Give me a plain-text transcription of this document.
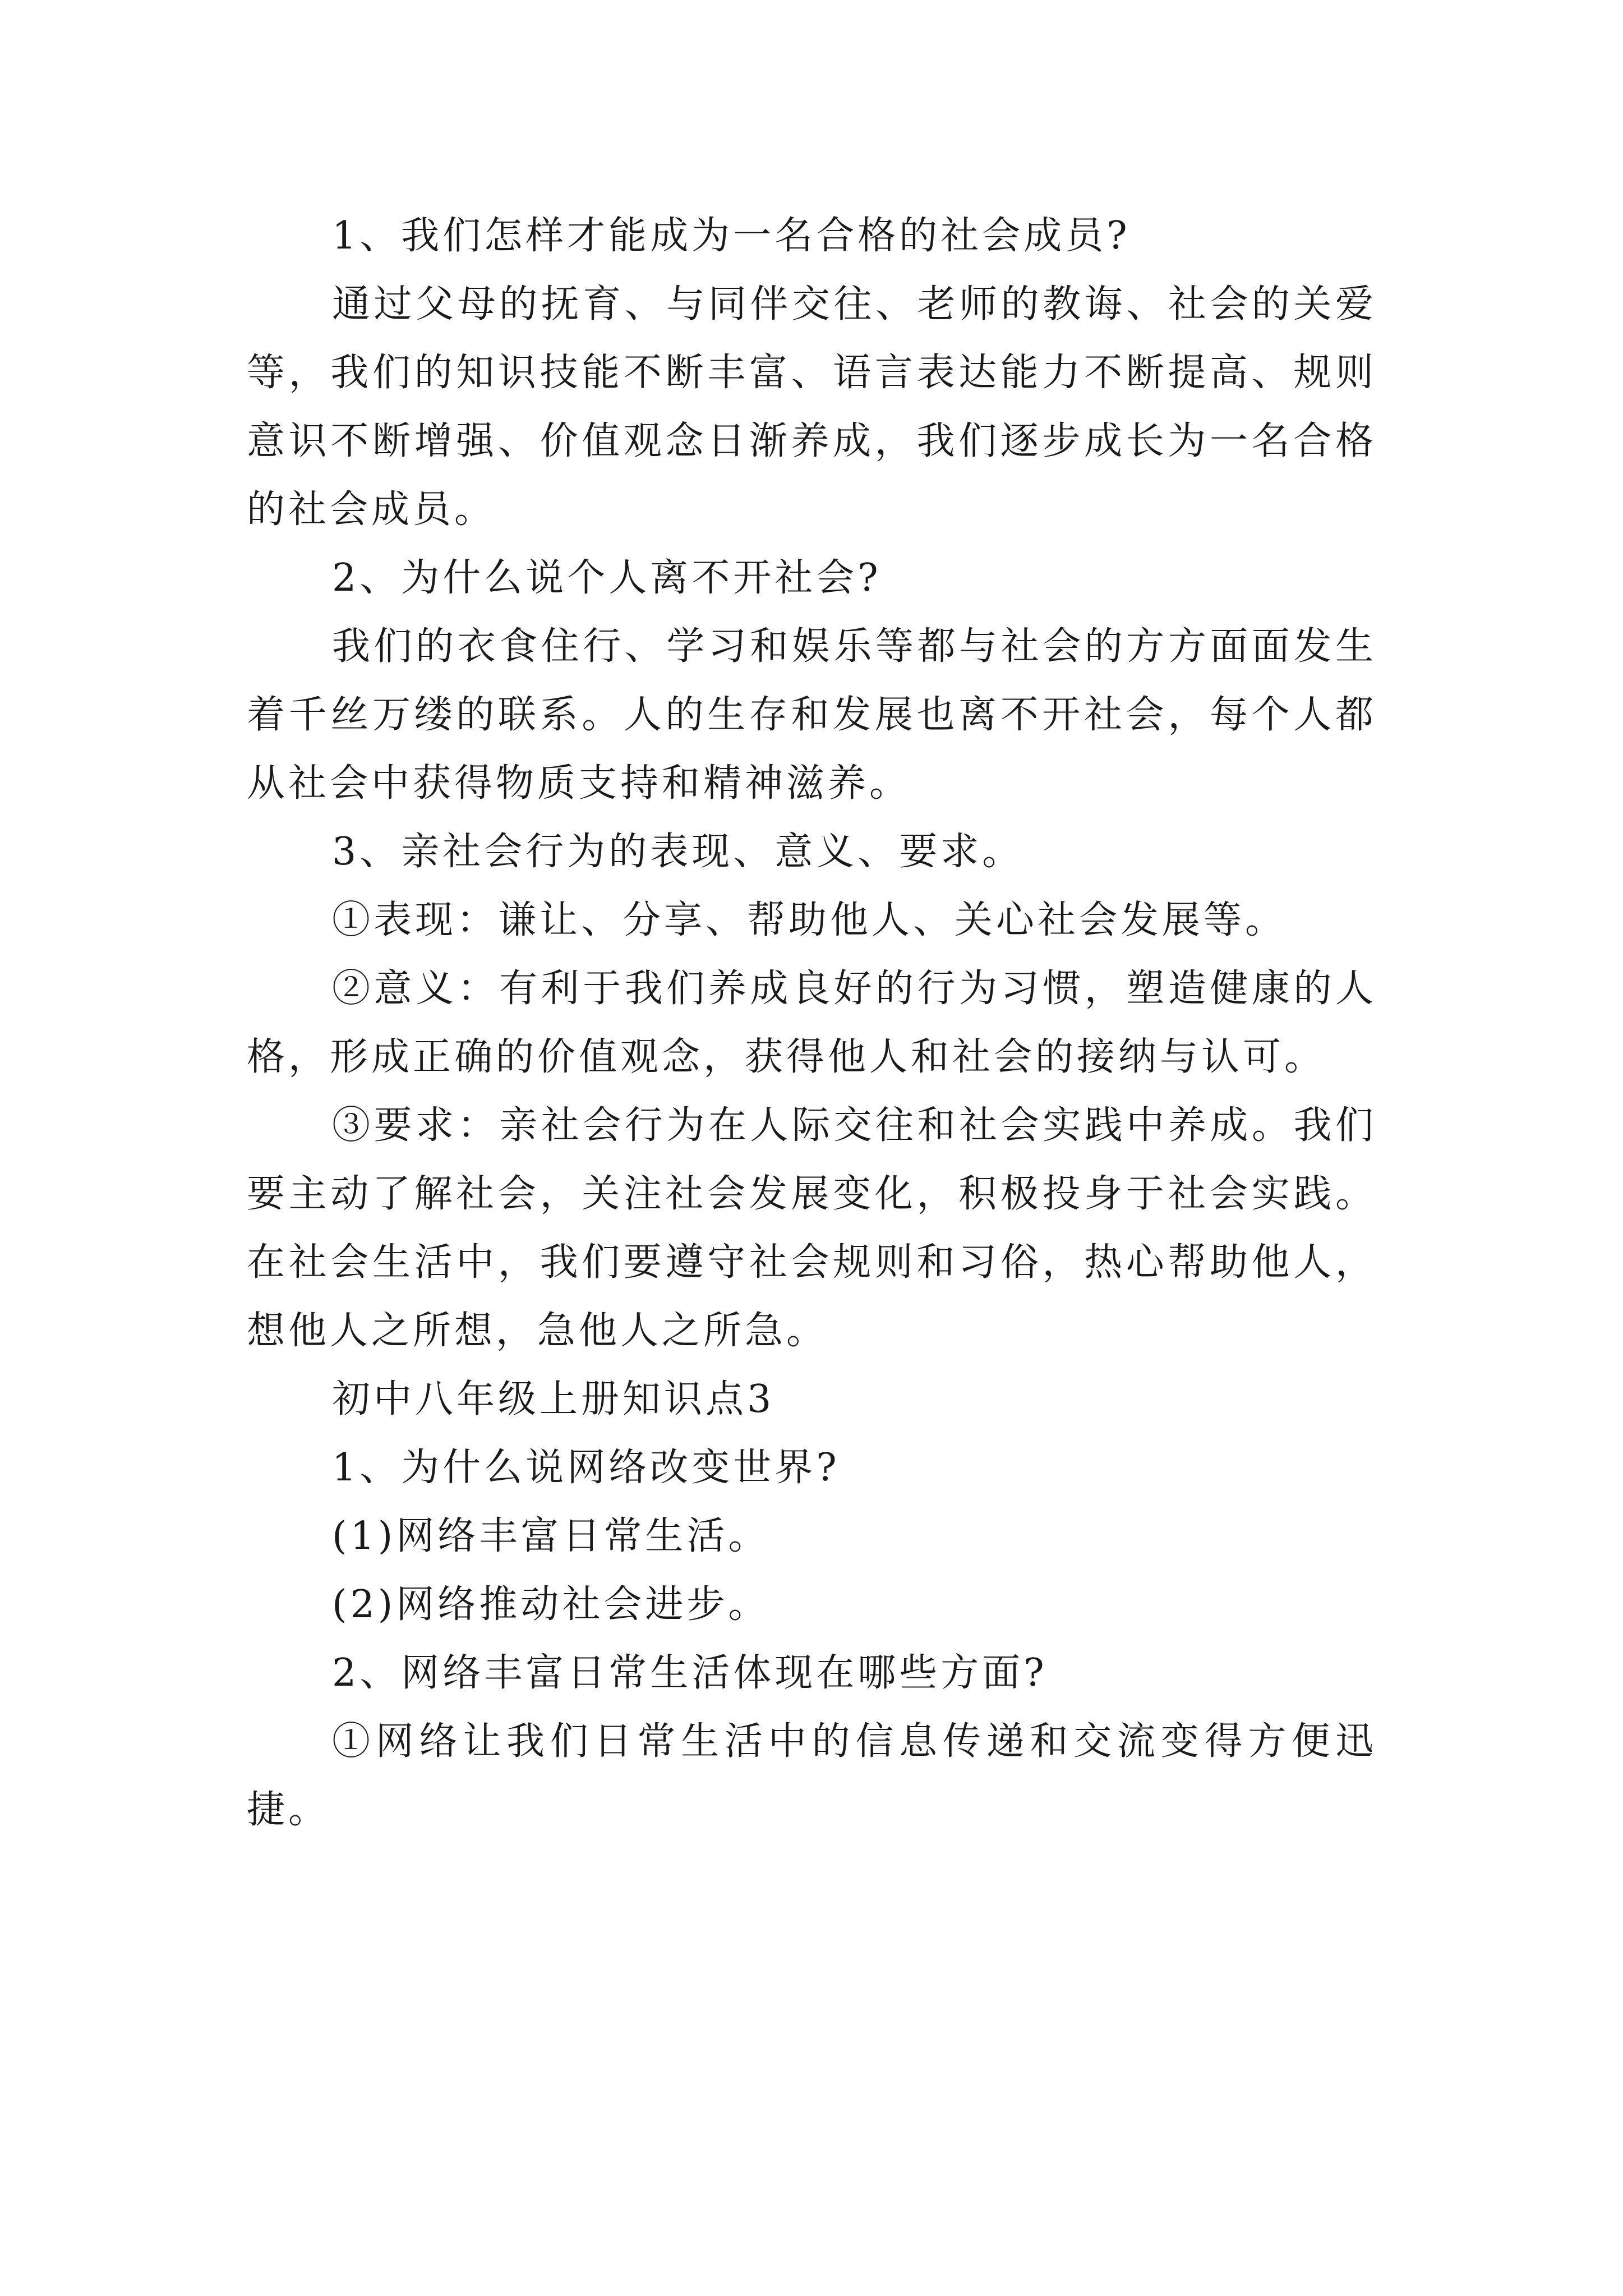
1、我们怎样才能成为一名合格的社会成员?

通过父母的抚育、与同伴交往、老师的教诲、社会的关爱等，我们的知识技能不断丰富、语言表达能力不断提高、规则意识不断增强、价值观念日渐养成，我们逐步成长为一名合格的社会成员。

2、为什么说个人离不开社会?

我们的衣食住行、学习和娱乐等都与社会的方方面面发生着千丝万缕的联系。人的生存和发展也离不开社会，每个人都从社会中获得物质支持和精神滋养。

3、亲社会行为的表现、意义、要求。

①表现：谦让、分享、帮助他人、关心社会发展等。

②意义：有利于我们养成良好的行为习惯，塑造健康的人格，形成正确的价值观念，获得他人和社会的接纳与认可。

③要求：亲社会行为在人际交往和社会实践中养成。我们要主动了解社会，关注社会发展变化，积极投身于社会实践。在社会生活中，我们要遵守社会规则和习俗，热心帮助他人，想他人之所想，急他人之所急。

初中八年级上册知识点3

1、为什么说网络改变世界?

(1)网络丰富日常生活。

(2)网络推动社会进步。

2、网络丰富日常生活体现在哪些方面?

①网络让我们日常生活中的信息传递和交流变得方便迅捷。
